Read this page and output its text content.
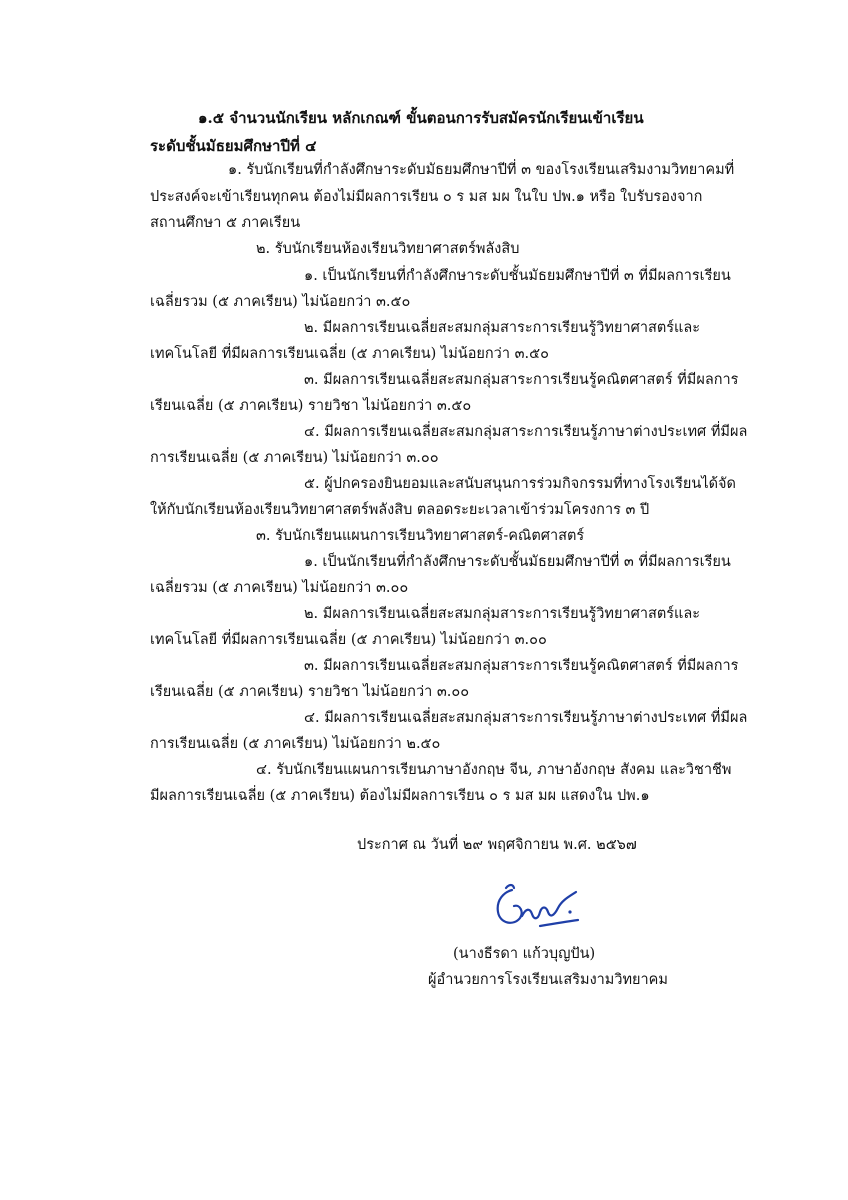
๑.๕ จำนวนนักเรียน หลักเกณฑ์ ขั้นตอนการรับสมัครนักเรียนเข้าเรียน
ระดับชั้นมัธยมศึกษาปีที่ ๔
๑. รับนักเรียนที่กำลังศึกษาระดับมัธยมศึกษาปีที่ ๓ ของโรงเรียนเสริมงามวิทยาคมที่
ประสงค์จะเข้าเรียนทุกคน ต้องไม่มีผลการเรียน ๐ ร มส มผ ในใบ ปพ.๑ หรือ ใบรับรองจาก
สถานศึกษา ๕ ภาคเรียน
๒. รับนักเรียนห้องเรียนวิทยาศาสตร์พลังสิบ
๑. เป็นนักเรียนที่กำลังศึกษาระดับชั้นมัธยมศึกษาปีที่ ๓ ที่มีผลการเรียน
เฉลี่ยรวม (๕ ภาคเรียน) ไม่น้อยกว่า ๓.๕๐
๒. มีผลการเรียนเฉลี่ยสะสมกลุ่มสาระการเรียนรู้วิทยาศาสตร์และ
เทคโนโลยี ที่มีผลการเรียนเฉลี่ย (๕ ภาคเรียน) ไม่น้อยกว่า ๓.๕๐
๓. มีผลการเรียนเฉลี่ยสะสมกลุ่มสาระการเรียนรู้คณิตศาสตร์ ที่มีผลการ
เรียนเฉลี่ย (๕ ภาคเรียน) รายวิชา ไม่น้อยกว่า ๓.๕๐
๔. มีผลการเรียนเฉลี่ยสะสมกลุ่มสาระการเรียนรู้ภาษาต่างประเทศ ที่มีผล
การเรียนเฉลี่ย (๕ ภาคเรียน) ไม่น้อยกว่า ๓.๐๐
๕. ผู้ปกครองยินยอมและสนับสนุนการร่วมกิจกรรมที่ทางโรงเรียนได้จัด
ให้กับนักเรียนห้องเรียนวิทยาศาสตร์พลังสิบ ตลอดระยะเวลาเข้าร่วมโครงการ ๓ ปี
๓. รับนักเรียนแผนการเรียนวิทยาศาสตร์-คณิตศาสตร์
๑. เป็นนักเรียนที่กำลังศึกษาระดับชั้นมัธยมศึกษาปีที่ ๓ ที่มีผลการเรียน
เฉลี่ยรวม (๕ ภาคเรียน) ไม่น้อยกว่า ๓.๐๐
๒. มีผลการเรียนเฉลี่ยสะสมกลุ่มสาระการเรียนรู้วิทยาศาสตร์และ
เทคโนโลยี ที่มีผลการเรียนเฉลี่ย (๕ ภาคเรียน) ไม่น้อยกว่า ๓.๐๐
๓. มีผลการเรียนเฉลี่ยสะสมกลุ่มสาระการเรียนรู้คณิตศาสตร์ ที่มีผลการ
เรียนเฉลี่ย (๕ ภาคเรียน) รายวิชา ไม่น้อยกว่า ๓.๐๐
๔. มีผลการเรียนเฉลี่ยสะสมกลุ่มสาระการเรียนรู้ภาษาต่างประเทศ ที่มีผล
การเรียนเฉลี่ย (๕ ภาคเรียน) ไม่น้อยกว่า ๒.๕๐
๔. รับนักเรียนแผนการเรียนภาษาอังกฤษ จีน, ภาษาอังกฤษ สังคม และวิชาชีพ
มีผลการเรียนเฉลี่ย (๕ ภาคเรียน) ต้องไม่มีผลการเรียน ๐ ร มส มผ แสดงใน ปพ.๑
ประกาศ ณ วันที่ ๒๙ พฤศจิกายน พ.ศ. ๒๕๖๗
(นางธีรดา แก้วบุญปัน)
ผู้อำนวยการโรงเรียนเสริมงามวิทยาคม
